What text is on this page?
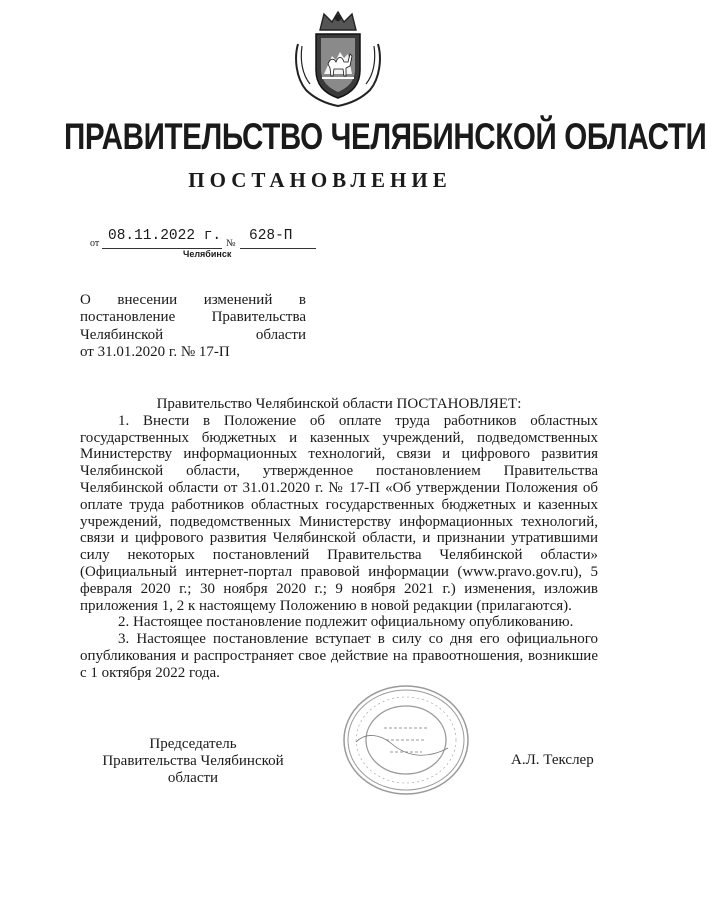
ПРАВИТЕЛЬСТВО ЧЕЛЯБИНСКОЙ ОБЛАСТИ
ПОСТАНОВЛЕНИЕ
от 08.11.2022 г. № 628-П
Челябинск
О внесении изменений в
постановление Правительства
Челябинской области
от 31.01.2020 г. № 17-П

Правительство Челябинской области ПОСТАНОВЛЯЕТ:

1. Внести в Положение об оплате труда работников областных государственных бюджетных и казенных учреждений, подведомственных Министерству информационных технологий, связи и цифрового развития Челябинской области, утвержденное постановлением Правительства Челябинской области от 31.01.2020 г. № 17-П «Об утверждении Положения об оплате труда работников областных государственных бюджетных и казенных учреждений, подведомственных Министерству информационных технологий, связи и цифрового развития Челябинской области, и признании утратившими силу некоторых постановлений Правительства Челябинской области» (Официальный интернет-портал правовой информации (www.pravo.gov.ru), 5 февраля 2020 г.; 30 ноября 2020 г.; 9 ноября 2021 г.) изменения, изложив приложения 1, 2 к настоящему Положению в новой редакции (прилагаются).

2. Настоящее постановление подлежит официальному опубликованию.

3. Настоящее постановление вступает в силу со дня его официального опубликования и распространяет свое действие на правоотношения, возникшие с 1 октября 2022 года.

Председатель
Правительства Челябинской области
А.Л. Текслер
